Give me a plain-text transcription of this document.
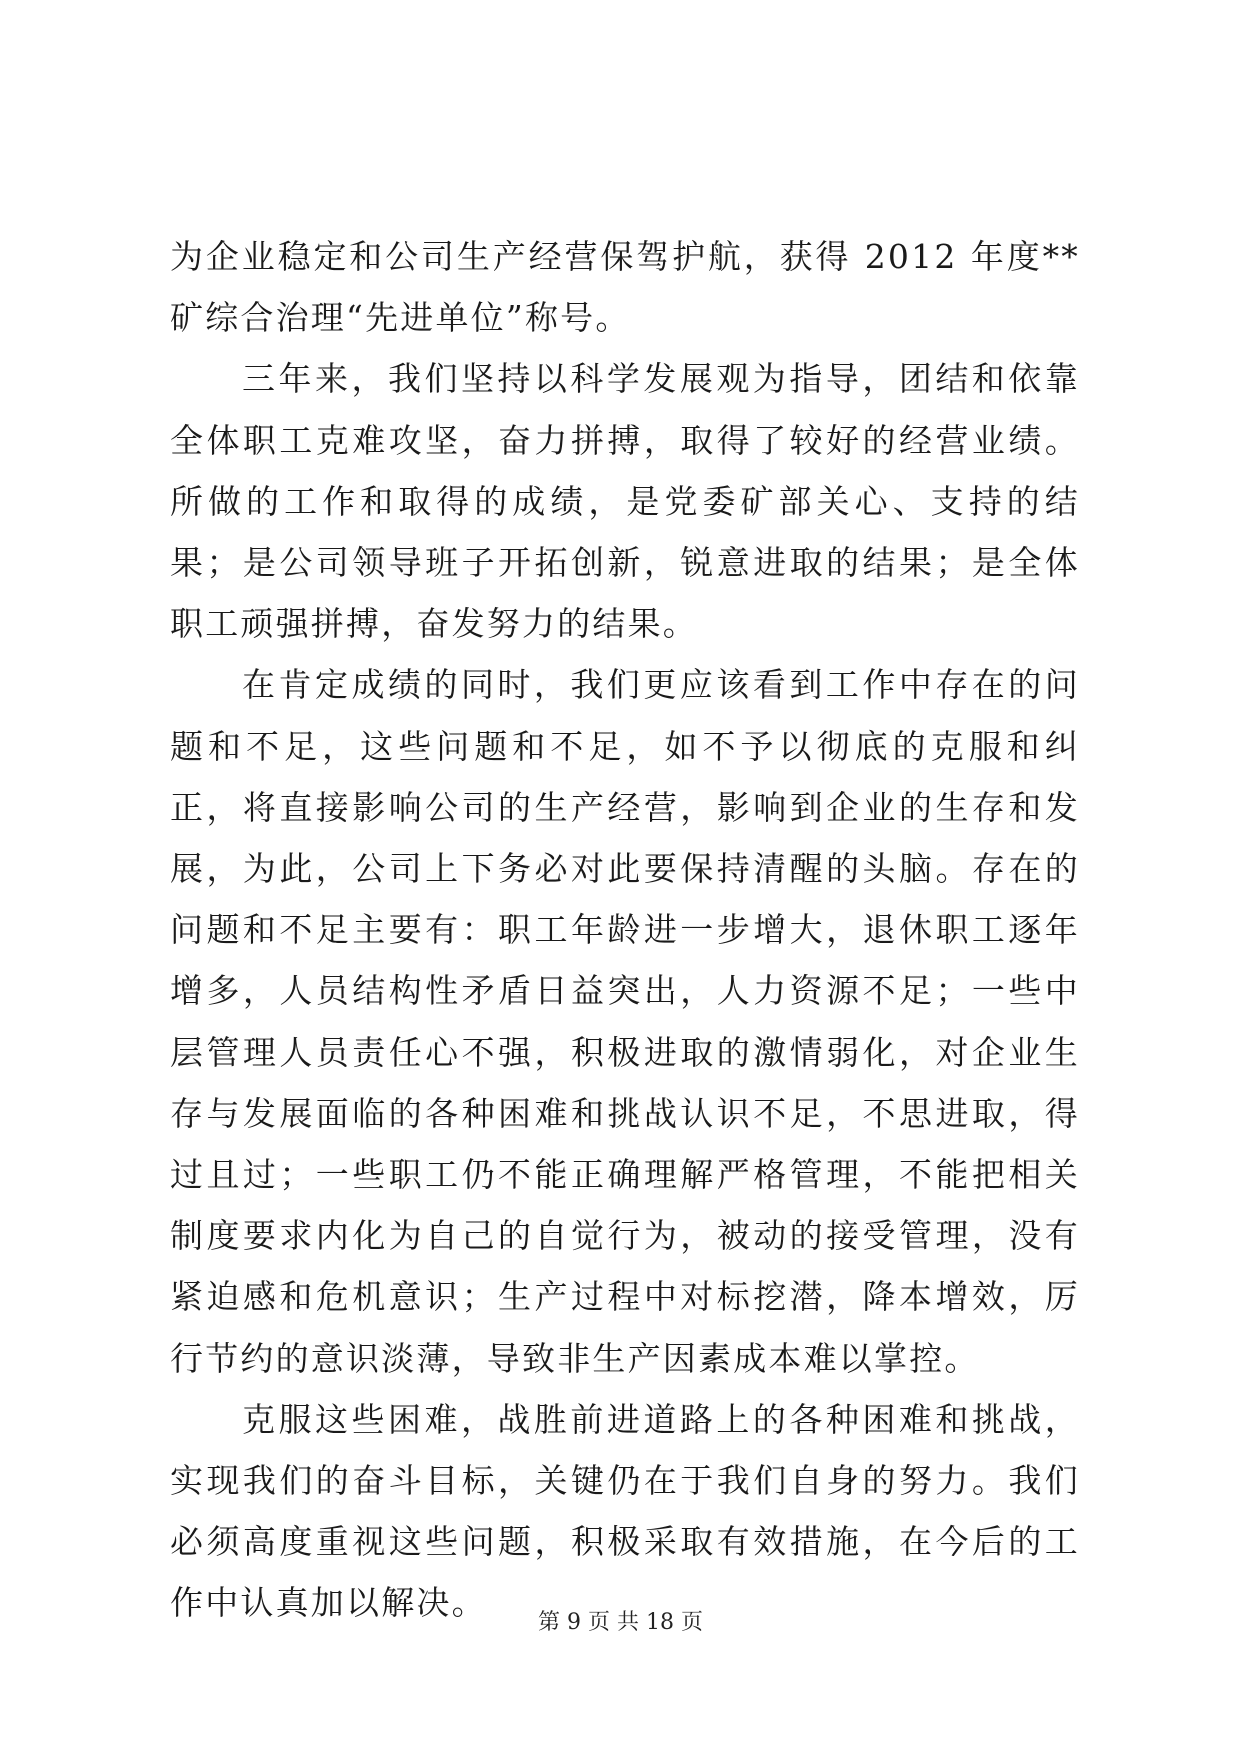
为企业稳定和公司生产经营保驾护航，获得 2012 年度**矿综合治理“先进单位”称号。

三年来，我们坚持以科学发展观为指导，团结和依靠全体职工克难攻坚，奋力拼搏，取得了较好的经营业绩。所做的工作和取得的成绩，是党委矿部关心、支持的结果；是公司领导班子开拓创新，锐意进取的结果；是全体职工顽强拼搏，奋发努力的结果。

在肯定成绩的同时，我们更应该看到工作中存在的问题和不足，这些问题和不足，如不予以彻底的克服和纠正，将直接影响公司的生产经营，影响到企业的生存和发展，为此，公司上下务必对此要保持清醒的头脑。存在的问题和不足主要有：职工年龄进一步增大，退休职工逐年增多，人员结构性矛盾日益突出，人力资源不足；一些中层管理人员责任心不强，积极进取的激情弱化，对企业生存与发展面临的各种困难和挑战认识不足，不思进取，得过且过；一些职工仍不能正确理解严格管理，不能把相关制度要求内化为自己的自觉行为，被动的接受管理，没有紧迫感和危机意识；生产过程中对标挖潜，降本增效，厉行节约的意识淡薄，导致非生产因素成本难以掌控。

克服这些困难，战胜前进道路上的各种困难和挑战，实现我们的奋斗目标，关键仍在于我们自身的努力。我们必须高度重视这些问题，积极采取有效措施，在今后的工作中认真加以解决。

第 9 页 共 18 页
